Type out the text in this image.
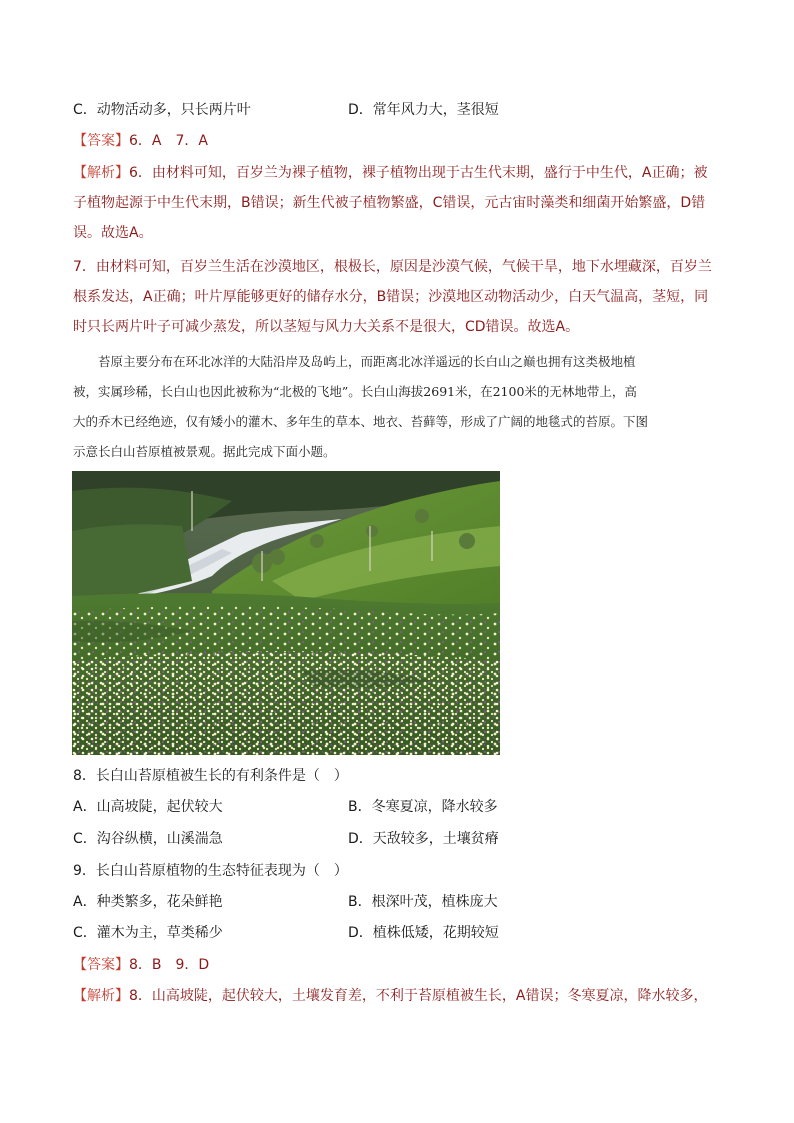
C．动物活动多，只长两片叶	D．常年风力大，茎很短
【答案】6．A　7．A
【解析】6．由材料可知，百岁兰为裸子植物，裸子植物出现于古生代末期，盛行于中生代，A正确；被
子植物起源于中生代末期，B错误；新生代被子植物繁盛，C错误，元古宙时藻类和细菌开始繁盛，D错
误。故选A。
7．由材料可知，百岁兰生活在沙漠地区，根极长，原因是沙漠气候，气候干旱，地下水埋藏深，百岁兰
根系发达，A正确；叶片厚能够更好的储存水分，B错误；沙漠地区动物活动少，白天气温高，茎短，同
时只长两片叶子可减少蒸发，所以茎短与风力大关系不是很大，CD错误。故选A。
　　苔原主要分布在环北冰洋的大陆沿岸及岛屿上，而距离北冰洋遥远的长白山之巅也拥有这类极地植
被，实属珍稀，长白山也因此被称为“北极的飞地”。长白山海拔2691米，在2100米的无林地带上，高
大的乔木已经绝迹，仅有矮小的灌木、多年生的草本、地衣、苔藓等，形成了广阔的地毯式的苔原。下图
示意长白山苔原植被景观。据此完成下面小题。
8．长白山苔原植被生长的有利条件是（　）
A．山高坡陡，起伏较大	B．冬寒夏凉，降水较多
C．沟谷纵横，山溪湍急	D．天敌较多，土壤贫瘠
9．长白山苔原植物的生态特征表现为（　）
A．种类繁多，花朵鲜艳	B．根深叶茂，植株庞大
C．灌木为主，草类稀少	D．植株低矮，花期较短
【答案】8．B　9．D
【解析】8．山高坡陡，起伏较大，土壤发育差，不利于苔原植被生长，A错误；冬寒夏凉，降水较多，
